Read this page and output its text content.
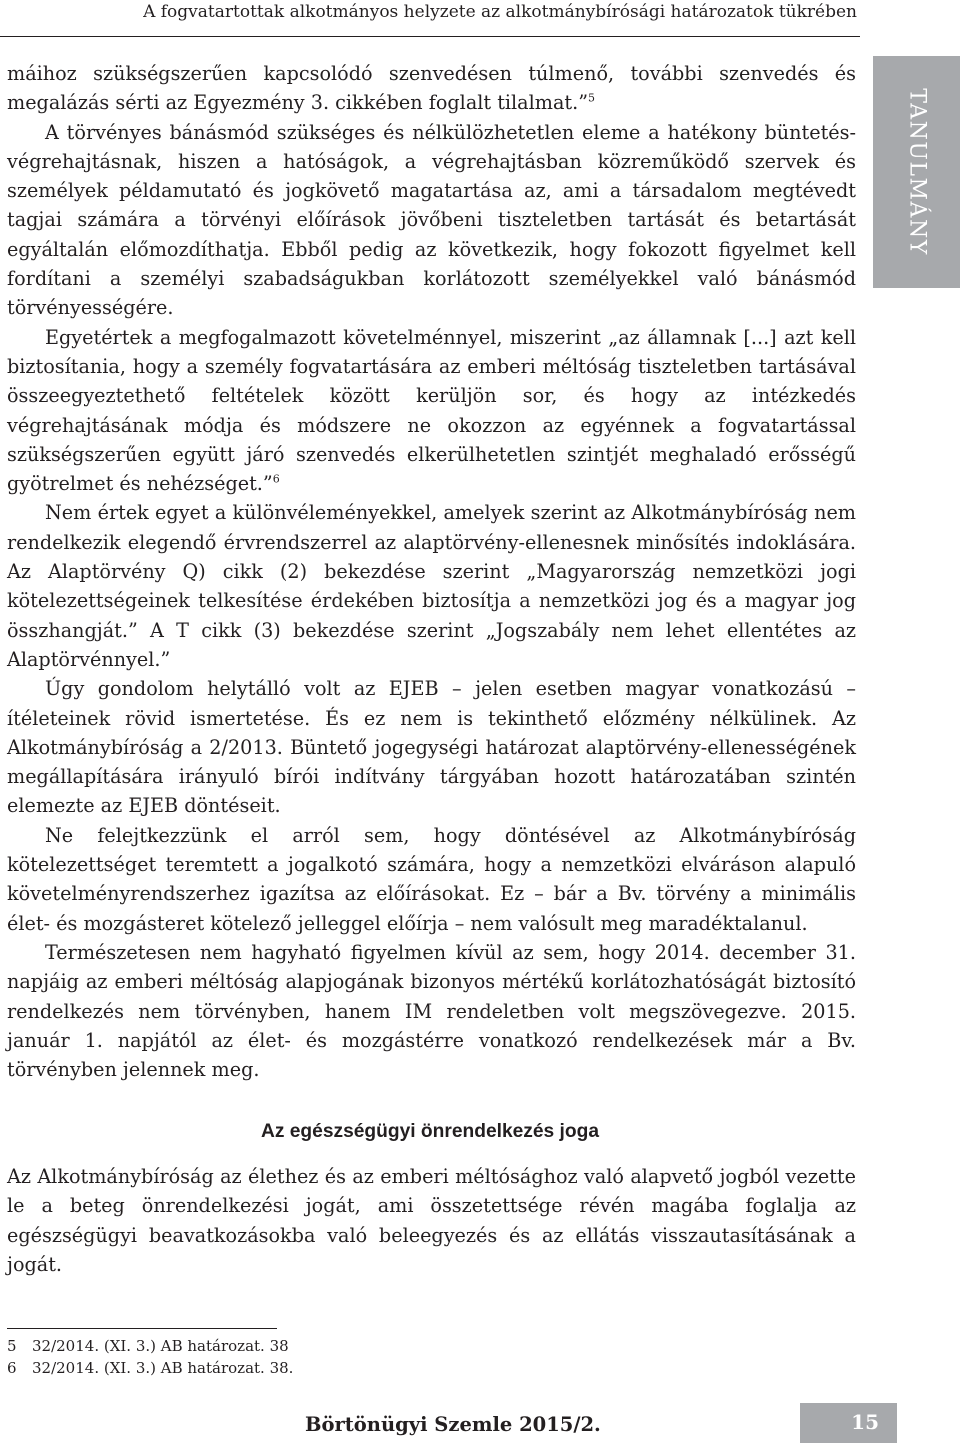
A fogvatartottak alkotmányos helyzete az alkotmánybírósági határozatok tükrében
TANULMÁNY

máihoz szükségszerűen kapcsolódó szenvedésen túlmenő, további szenvedés és megalázás sérti az Egyezmény 3. cikkében foglalt tilalmat.”$^5$

A törvényes bánásmód szükséges és nélkülözhetetlen eleme a hatékony büntetés-végrehajtásnak, hiszen a hatóságok, a végrehajtásban közreműködő szervek és személyek példamutató és jogkövető magatartása az, ami a társadalom megtévedt tagjai számára a törvényi előírások jövőbeni tiszteletben tartását és betartását egyáltalán előmozdíthatja. Ebből pedig az következik, hogy fokozott figyelmet kell fordítani a személyi szabadságukban korlátozott személyekkel való bánásmód törvényességére.

Egyetértek a megfogalmazott követelménnyel, miszerint „az államnak [...] azt kell biztosítania, hogy a személy fogvatartására az emberi méltóság tiszteletben tartásával összeegyeztethető feltételek között kerüljön sor, és hogy az intézkedés végrehajtásának módja és módszere ne okozzon az egyénnek a fogvatartással szükségszerűen együtt járó szenvedés elkerülhetetlen szintjét meghaladó erősségű gyötrelmet és nehézséget.”$^6$

Nem értek egyet a különvéleményekkel, amelyek szerint az Alkotmánybíróság nem rendelkezik elegendő érvrendszerrel az alaptörvény-ellenesnek minősítés indoklására. Az Alaptörvény Q) cikk (2) bekezdése szerint „Magyarország nemzetközi jogi kötelezettségeinek telkesítése érdekében biztosítja a nemzetközi jog és a magyar jog összhangját.” A T cikk (3) bekezdése szerint „Jogszabály nem lehet ellentétes az Alaptörvénnyel.”

Úgy gondolom helytálló volt az EJEB – jelen esetben magyar vonatkozású – ítéleteinek rövid ismertetése. És ez nem is tekinthető előzmény nélkülinek. Az Alkotmánybíróság a 2/2013. Büntető jogegységi határozat alaptörvény-ellenességének megállapítására irányuló bírói indítvány tárgyában hozott határozatában szintén elemezte az EJEB döntéseit.

Ne felejtkezzünk el arról sem, hogy döntésével az Alkotmánybíróság kötelezettséget teremtett a jogalkotó számára, hogy a nemzetközi elváráson alapuló követelményrendszerhez igazítsa az előírásokat. Ez – bár a Bv. törvény a minimális élet- és mozgásteret kötelező jelleggel előírja – nem valósult meg maradéktalanul.

Természetesen nem hagyható figyelmen kívül az sem, hogy 2014. december 31. napjáig az emberi méltóság alapjogának bizonyos mértékű korlátozhatóságát biztosító rendelkezés nem törvényben, hanem IM rendeletben volt megszövegezve. 2015. január 1. napjától az élet- és mozgástérre vonatkozó rendelkezések már a Bv. törvényben jelennek meg.

Az egészségügyi önrendelkezés joga

Az Alkotmánybíróság az élethez és az emberi méltósághoz való alapvető jogból vezette le a beteg önrendelkezési jogát, ami összetettsége révén magába foglalja az egészségügyi beavatkozásokba való beleegyezés és az ellátás visszautasításának a jogát.

5 32/2014. (XI. 3.) AB határozat. 38
6 32/2014. (XI. 3.) AB határozat. 38.
Börtönügyi Szemle 2015/2.	15
